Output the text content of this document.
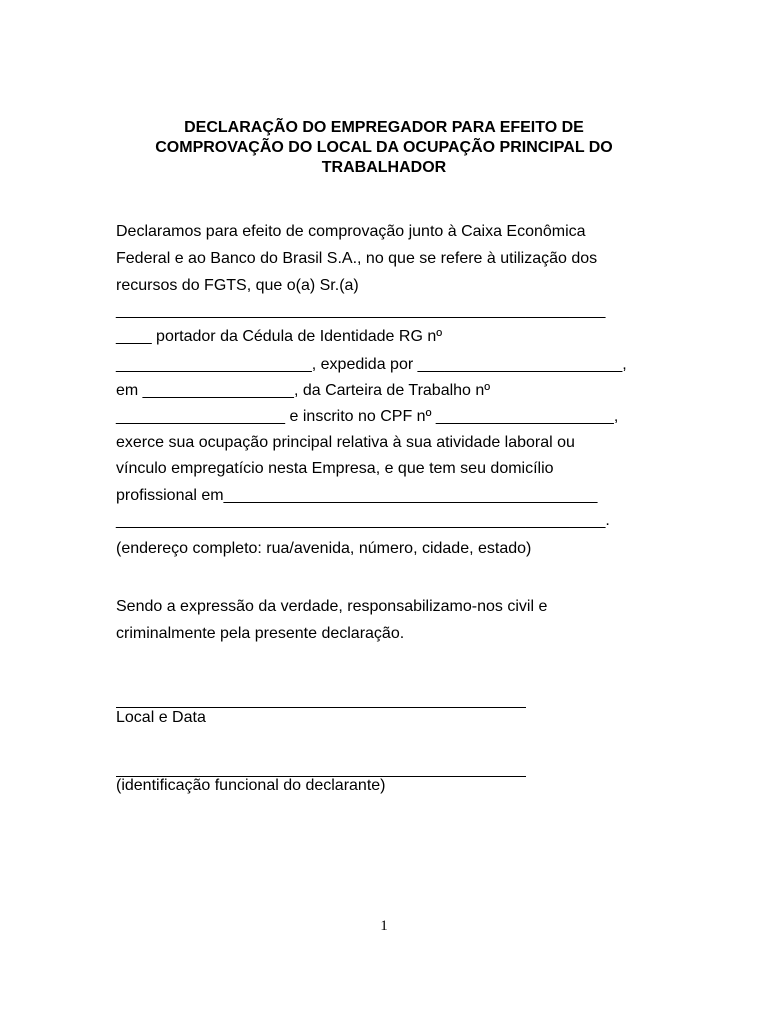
DECLARAÇÃO DO EMPREGADOR PARA EFEITO DE
COMPROVAÇÃO DO LOCAL DA OCUPAÇÃO PRINCIPAL DO
TRABALHADOR
Declaramos para efeito de comprovação junto à Caixa Econômica
Federal e ao Banco do Brasil S.A., no que se refere à utilização dos
recursos do FGTS, que o(a) Sr.(a)
_______________________________________________________
____ portador da Cédula de Identidade RG nº
______________________, expedida por _______________________,
em _________________, da Carteira de Trabalho nº
___________________ e inscrito no CPF nº ____________________,
exerce sua ocupação principal relativa à sua atividade laboral ou
vínculo empregatício nesta Empresa, e que tem seu domicílio
profissional em__________________________________________
_______________________________________________________.
(endereço completo: rua/avenida, número, cidade, estado)
Sendo a expressão da verdade, responsabilizamo-nos civil e
criminalmente pela presente declaração.
Local e Data
(identificação funcional do declarante)
1
